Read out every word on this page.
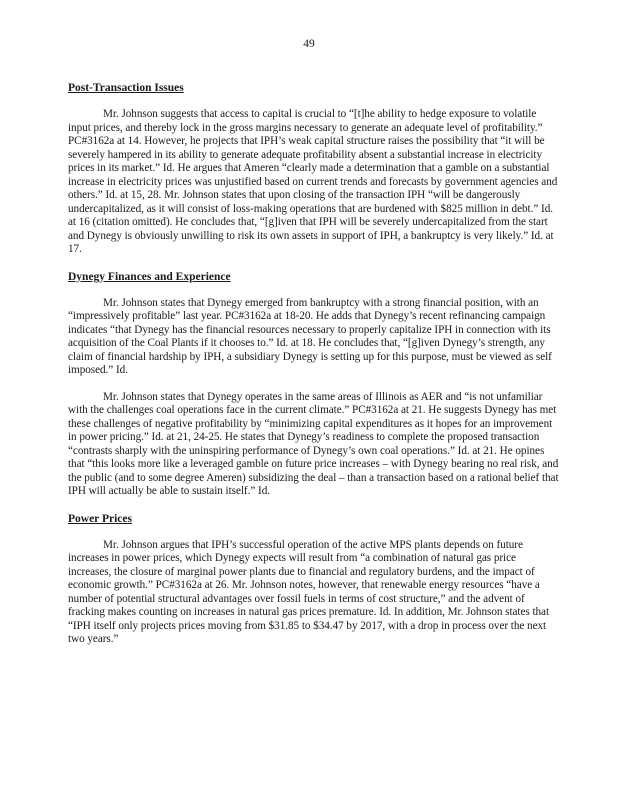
49
Post-Transaction Issues

Mr. Johnson suggests that access to capital is crucial to “[t]he ability to hedge exposure to volatile input prices, and thereby lock in the gross margins necessary to generate an adequate level of profitability.” PC#3162a at 14. However, he projects that IPH’s weak capital structure raises the possibility that “it will be severely hampered in its ability to generate adequate profitability absent a substantial increase in electricity prices in its market.” Id. He argues that Ameren “clearly made a determination that a gamble on a substantial increase in electricity prices was unjustified based on current trends and forecasts by government agencies and others.” Id. at 15, 28. Mr. Johnson states that upon closing of the transaction IPH “will be dangerously undercapitalized, as it will consist of loss-making operations that are burdened with $825 million in debt.” Id. at 16 (citation omitted). He concludes that, “[g]iven that IPH will be severely undercapitalized from the start and Dynegy is obviously unwilling to risk its own assets in support of IPH, a bankruptcy is very likely.” Id. at 17.

Dynegy Finances and Experience

Mr. Johnson states that Dynegy emerged from bankruptcy with a strong financial position, with an “impressively profitable” last year. PC#3162a at 18-20. He adds that Dynegy’s recent refinancing campaign indicates “that Dynegy has the financial resources necessary to properly capitalize IPH in connection with its acquisition of the Coal Plants if it chooses to.” Id. at 18. He concludes that, “[g]iven Dynegy’s strength, any claim of financial hardship by IPH, a subsidiary Dynegy is setting up for this purpose, must be viewed as self imposed.” Id.

Mr. Johnson states that Dynegy operates in the same areas of Illinois as AER and “is not unfamiliar with the challenges coal operations face in the current climate.” PC#3162a at 21. He suggests Dynegy has met these challenges of negative profitability by “minimizing capital expenditures as it hopes for an improvement in power pricing.” Id. at 21, 24-25. He states that Dynegy’s readiness to complete the proposed transaction “contrasts sharply with the uninspiring performance of Dynegy’s own coal operations.” Id. at 21. He opines that “this looks more like a leveraged gamble on future price increases – with Dynegy bearing no real risk, and the public (and to some degree Ameren) subsidizing the deal – than a transaction based on a rational belief that IPH will actually be able to sustain itself.” Id.

Power Prices

Mr. Johnson argues that IPH’s successful operation of the active MPS plants depends on future increases in power prices, which Dynegy expects will result from “a combination of natural gas price increases, the closure of marginal power plants due to financial and regulatory burdens, and the impact of economic growth.” PC#3162a at 26. Mr. Johnson notes, however, that renewable energy resources “have a number of potential structural advantages over fossil fuels in terms of cost structure,” and the advent of fracking makes counting on increases in natural gas prices premature. Id. In addition, Mr. Johnson states that “IPH itself only projects prices moving from $31.85 to $34.47 by 2017, with a drop in process over the next two years.”
